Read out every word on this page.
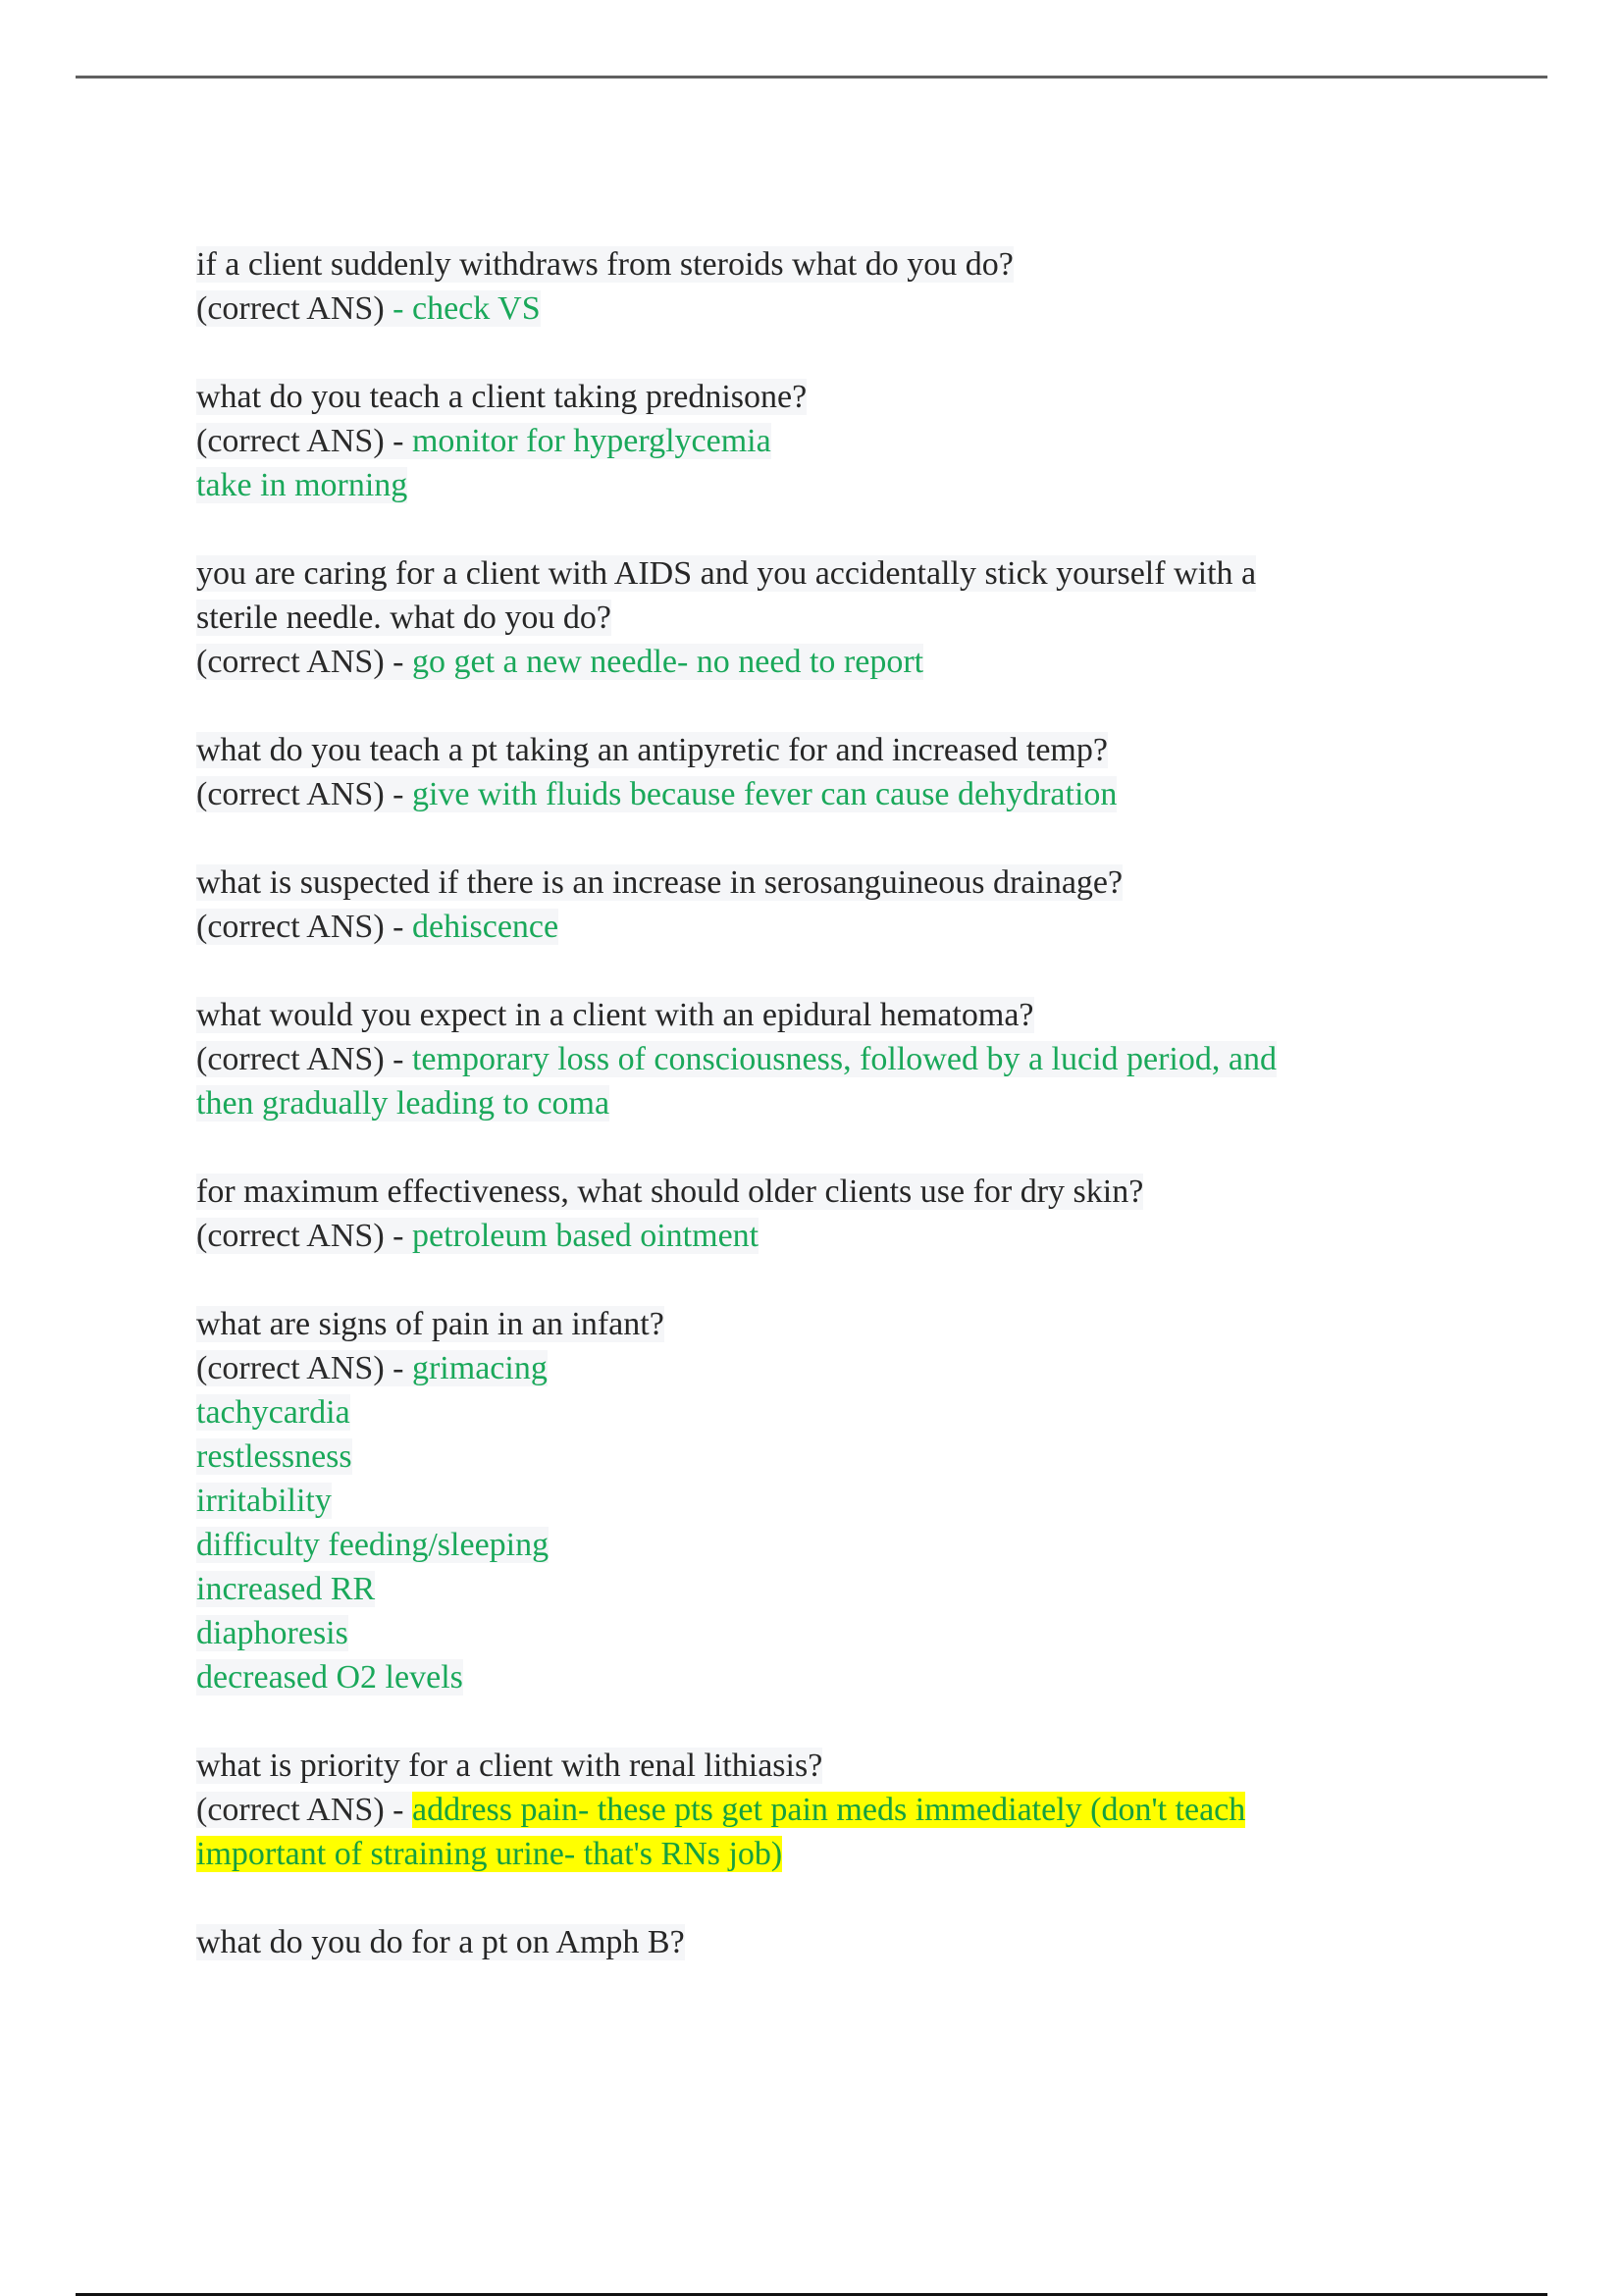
if a client suddenly withdraws from steroids what do you do?
(correct ANS) - check VS
what do you teach a client taking prednisone?
(correct ANS) - monitor for hyperglycemia
take in morning
you are caring for a client with AIDS and you accidentally stick yourself with a
sterile needle. what do you do?
(correct ANS) - go get a new needle- no need to report
what do you teach a pt taking an antipyretic for and increased temp?
(correct ANS) - give with fluids because fever can cause dehydration
what is suspected if there is an increase in serosanguineous drainage?
(correct ANS) - dehiscence
what would you expect in a client with an epidural hematoma?
(correct ANS) - temporary loss of consciousness, followed by a lucid period, and
then gradually leading to coma
for maximum effectiveness, what should older clients use for dry skin?
(correct ANS) - petroleum based ointment
what are signs of pain in an infant?
(correct ANS) - grimacing
tachycardia
restlessness
irritability
difficulty feeding/sleeping
increased RR
diaphoresis
decreased O2 levels
what is priority for a client with renal lithiasis?
(correct ANS) - address pain- these pts get pain meds immediately (don't teach
important of straining urine- that's RNs job)
what do you do for a pt on Amph B?
